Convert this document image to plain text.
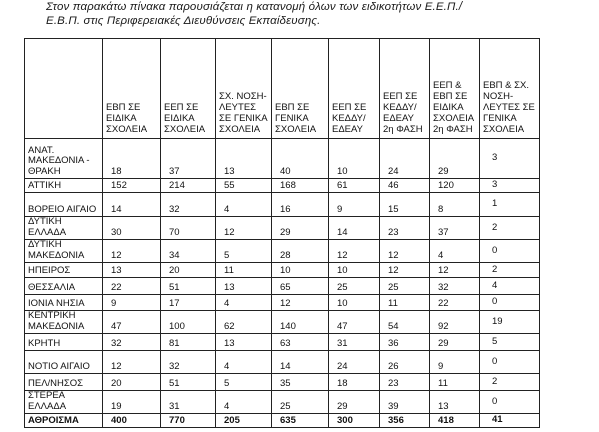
Στον παρακάτω πίνακα παρουσιάζεται η κατανομή όλων των ειδικοτήτων Ε.Ε.Π./
Ε.Β.Π. στις Περιφερειακές Διευθύνσεις Εκπαίδευσης.
	ΕΒΠ ΣΕ ΕΙΔΙΚΑ ΣΧΟΛΕΙΑ	ΕΕΠ ΣΕ ΕΙΔΙΚΑ ΣΧΟΛΕΙΑ	ΣΧ. ΝΟΣΗ-ΛΕΥΤΕΣ ΣΕ ΓΕΝΙΚΑ ΣΧΟΛΕΙΑ	ΕΒΠ ΣΕ ΓΕΝΙΚΑ ΣΧΟΛΕΙΑ	ΕΕΠ ΣΕ ΚΕΔΔΥ/ ΕΔΕΑΥ	ΕΕΠ ΣΕ ΚΕΔΔΥ/ ΕΔΕΑΥ 2η ΦΑΣΗ	ΕΕΠ & ΕΒΠ ΣΕ ΕΙΔΙΚΑ ΣΧΟΛΕΙΑ 2η ΦΑΣΗ	ΕΒΠ & ΣΧ. ΝΟΣΗ-ΛΕΥΤΕΣ ΣΕ ΓΕΝΙΚΑ ΣΧΟΛΕΙΑ
ΑΝΑΤ. ΜΑΚΕΔΟΝΙΑ - ΘΡΑΚΗ	18	37	13	40	10	24	29	3
ΑΤΤΙΚΗ	152	214	55	168	61	46	120	3
ΒΟΡΕΙΟ ΑΙΓΑΙΟ	14	32	4	16	9	15	8	1
ΔΥΤΙΚΗ ΕΛΛΑΔΑ	30	70	12	29	14	23	37	2
ΔΥΤΙΚΗ ΜΑΚΕΔΟΝΙΑ	12	34	5	28	12	12	4	0
ΗΠΕΙΡΟΣ	13	20	11	10	10	12	12	2
ΘΕΣΣΑΛΙΑ	22	51	13	65	25	25	32	4
ΙΟΝΙΑ ΝΗΣΙΑ	9	17	4	12	10	11	22	0
ΚΕΝΤΡΙΚΗ ΜΑΚΕΔΟΝΙΑ	47	100	62	140	47	54	92	19
ΚΡΗΤΗ	32	81	13	63	31	36	29	5
ΝΟΤΙΟ ΑΙΓΑΙΟ	12	32	4	14	24	26	9	0
ΠΕΛ/ΝΗΣΟΣ	20	51	5	35	18	23	11	2
ΣΤΕΡΕΑ ΕΛΛΑΔΑ	19	31	4	25	29	39	13	0
ΑΘΡΟΙΣΜΑ	400	770	205	635	300	356	418	41
